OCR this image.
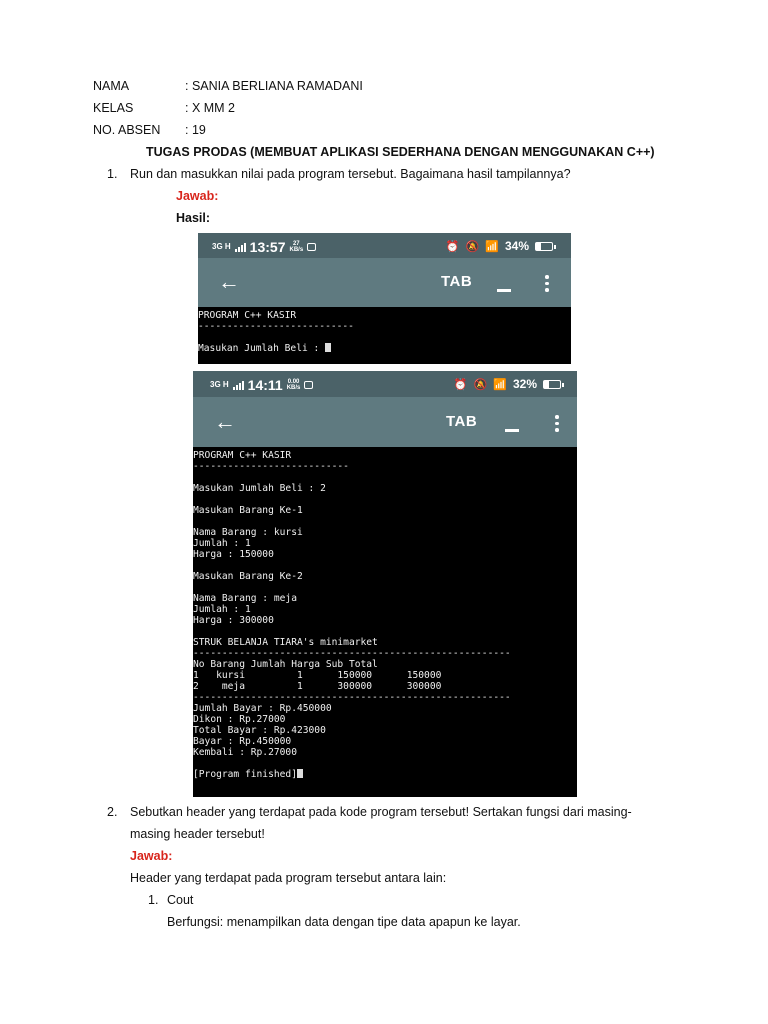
NAMA	: SANIA BERLIANA RAMADANI
KELAS	: X MM 2
NO. ABSEN : 19
TUGAS PRODAS (MEMBUAT APLIKASI SEDERHANA DENGAN MENGGUNAKAN C++)
1. Run dan masukkan nilai pada program tersebut. Bagaimana hasil tampilannya?
Jawab:
Hasil:
3G H 13:57	27
KB/s	⏰ 🔕 📶 34%
←	TAB
PROGRAM C++ KASIR
---------------------------
Masukan Jumlah Beli :
3G H 14:11 0.00
KB/s	⏰ 🔕 📶 32%
←	TAB
PROGRAM C++ KASIR
---------------------------
Masukan Jumlah Beli : 2
Masukan Barang Ke-1
Nama Barang : kursi
Jumlah : 1
Harga : 150000
Masukan Barang Ke-2
Nama Barang : meja
Jumlah : 1
Harga : 300000
STRUK BELANJA TIARA's minimarket
-------------------------------------------------------
No Barang Jumlah Harga Sub Total
1   kursi         1      150000      150000
2    meja         1      300000      300000
-------------------------------------------------------
Jumlah Bayar : Rp.450000
Dikon : Rp.27000
Total Bayar : Rp.423000
Bayar : Rp.450000
Kembali : Rp.27000
[Program finished]
2. Sebutkan header yang terdapat pada kode program tersebut! Sertakan fungsi dari masing-
masing header tersebut!
Jawab:
Header yang terdapat pada program tersebut antara lain:
1. Cout
Berfungsi: menampilkan data dengan tipe data apapun ke layar.
